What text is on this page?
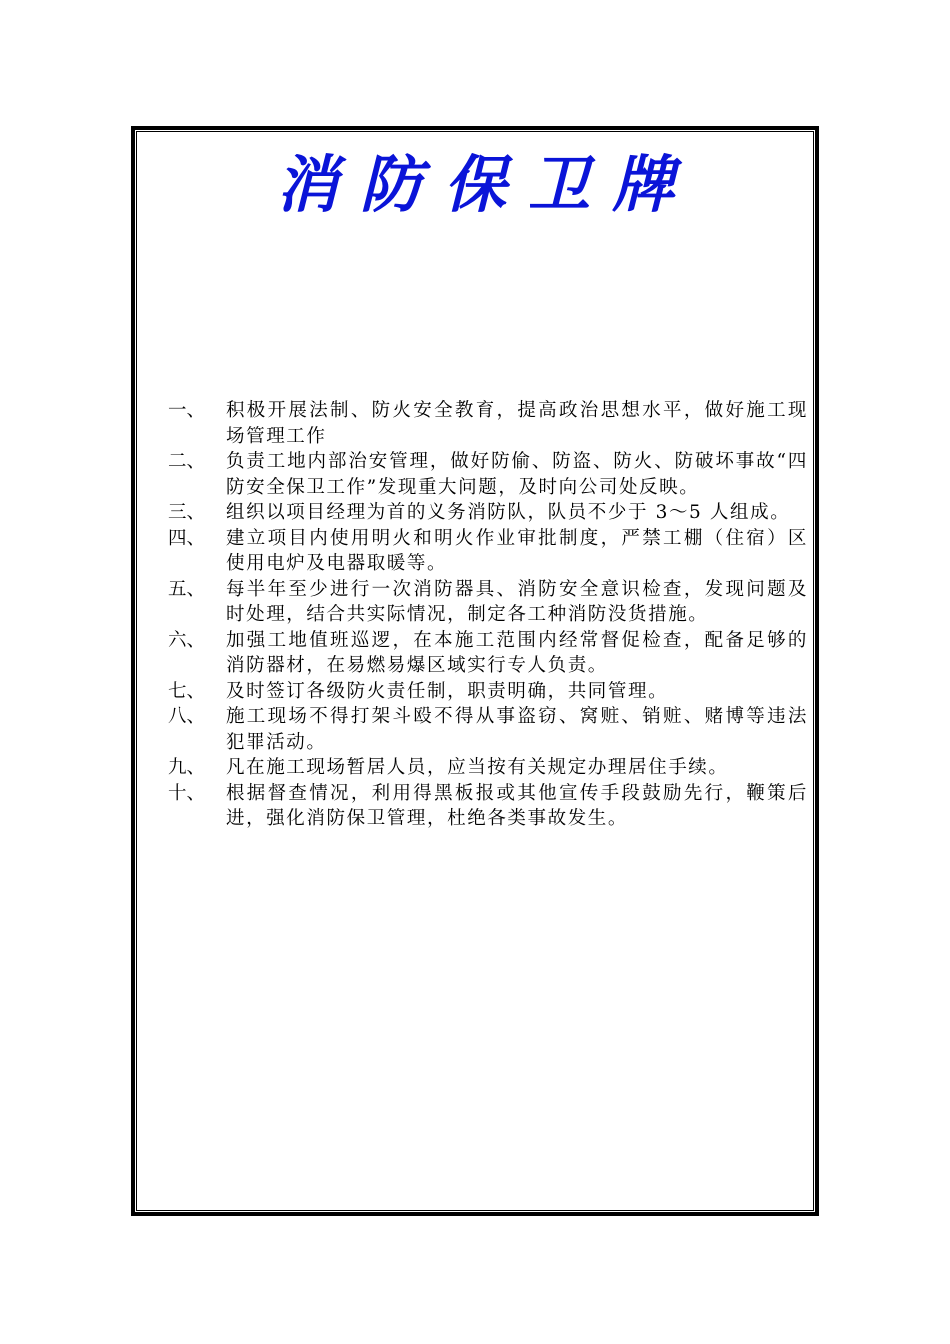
消防保卫牌
一、	积极开展法制、防火安全教育，提高政治思想水平，做好施工现场管理工作
二、	负责工地内部治安管理，做好防偷、防盗、防火、防破坏事故“四防安全保卫工作”发现重大问题，及时向公司处反映。
三、	组织以项目经理为首的义务消防队，队员不少于 3～5 人组成。
四、	建立项目内使用明火和明火作业审批制度，严禁工棚（住宿）区使用电炉及电器取暖等。
五、	每半年至少进行一次消防器具、消防安全意识检查，发现问题及时处理，结合共实际情况，制定各工种消防没货措施。
六、	加强工地值班巡逻，在本施工范围内经常督促检查，配备足够的消防器材，在易燃易爆区域实行专人负责。
七、	及时签订各级防火责任制，职责明确，共同管理。
八、	施工现场不得打架斗殴不得从事盗窃、窝赃、销赃、赌博等违法犯罪活动。
九、	凡在施工现场暂居人员，应当按有关规定办理居住手续。
十、	根据督查情况，利用得黑板报或其他宣传手段鼓励先行，鞭策后进，强化消防保卫管理，杜绝各类事故发生。
